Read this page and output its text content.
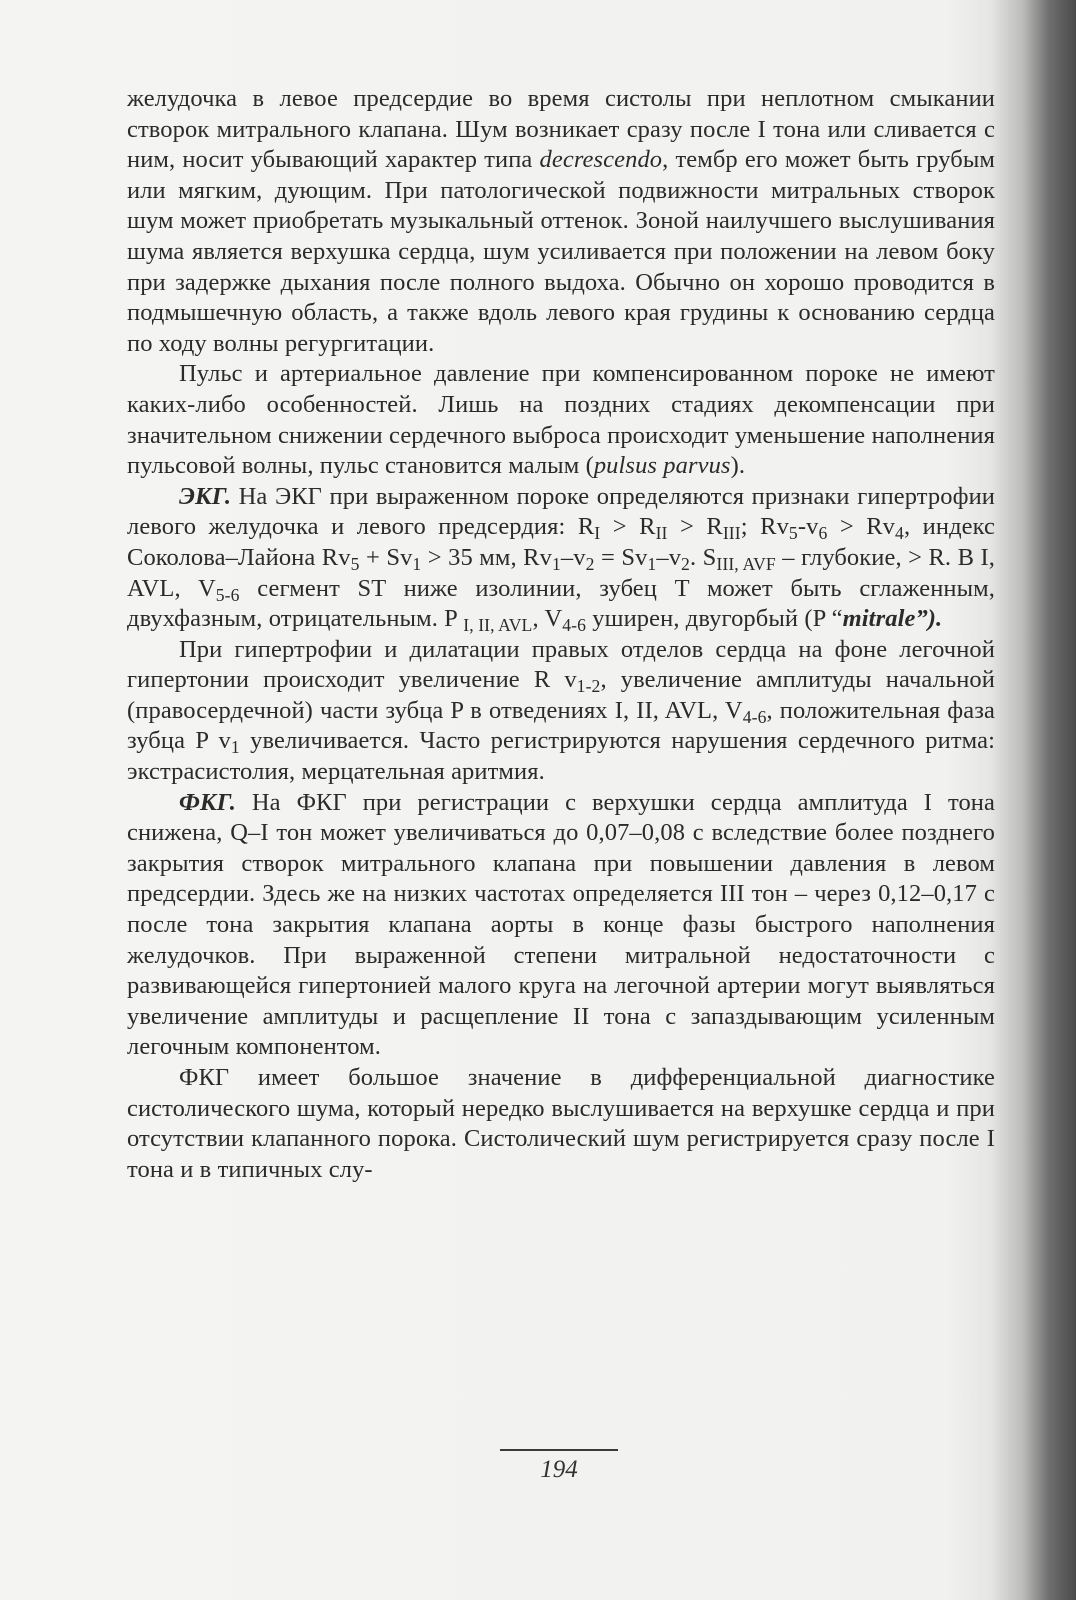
желудочка в левое предсердие во время систолы при неплотном смыкании створок митрального клапана. Шум возникает сразу после I тона или сливается с ним, носит убывающий характер типа decrescendo, тембр его может быть грубым или мягким, дующим. При патологической подвижности митральных створок шум может приобретать музыкальный оттенок. Зоной наилучшего выслушивания шума является верхушка сердца, шум усиливается при положении на левом боку при задержке дыхания после полного выдоха. Обычно он хорошо проводится в подмышечную область, а также вдоль левого края грудины к основанию сердца по ходу волны регургитации.

Пульс и артериальное давление при компенсированном пороке не имеют каких-либо особенностей. Лишь на поздних стадиях декомпенсации при значительном снижении сердечного выброса происходит уменьшение наполнения пульсовой волны, пульс становится малым (pulsus parvus).

ЭКГ. На ЭКГ при выраженном пороке определяются признаки гипертрофии левого желудочка и левого предсердия: $R_I > R_{II} > R_{III}$; $Rv_5-v_6 > Rv_4$, индекс Соколова–Лайона $Rv_5 + Sv_1 > 35$ мм, $Rv_1-v_2 = Sv_1-v_2$. $S_{III, AVF}$ – глубокие, > R. В I, AVL, $V_{5-6}$ сегмент ST ниже изолинии, зубец T может быть сглаженным, двухфазным, отрицательным. P $_{I, II, AVL}$, $V_{4-6}$ уширен, двугорбый (P “mitrale”).

При гипертрофии и дилатации правых отделов сердца на фоне легочной гипертонии происходит увеличение R $v_{1-2}$, увеличение амплитуды начальной (правосердечной) части зубца P в отведениях I, II, AVL, $V_{4-6}$, положительная фаза зубца P $v_1$ увеличивается. Часто регистрируются нарушения сердечного ритма: экстрасистолия, мерцательная аритмия.

ФКГ. На ФКГ при регистрации с верхушки сердца амплитуда I тона снижена, Q–I тон может увеличиваться до 0,07–0,08 с вследствие более позднего закрытия створок митрального клапана при повышении давления в левом предсердии. Здесь же на низких частотах определяется III тон – через 0,12–0,17 с после тона закрытия клапана аорты в конце фазы быстрого наполнения желудочков. При выраженной степени митральной недостаточности с развивающейся гипертонией малого круга на легочной артерии могут выявляться увеличение амплитуды и расщепление II тона с запаздывающим усиленным легочным компонентом.

ФКГ имеет большое значение в дифференциальной диагностике систолического шума, который нередко выслушивается на верхушке сердца и при отсутствии клапанного порока. Систолический шум регистрируется сразу после I тона и в типичных слу-

194
